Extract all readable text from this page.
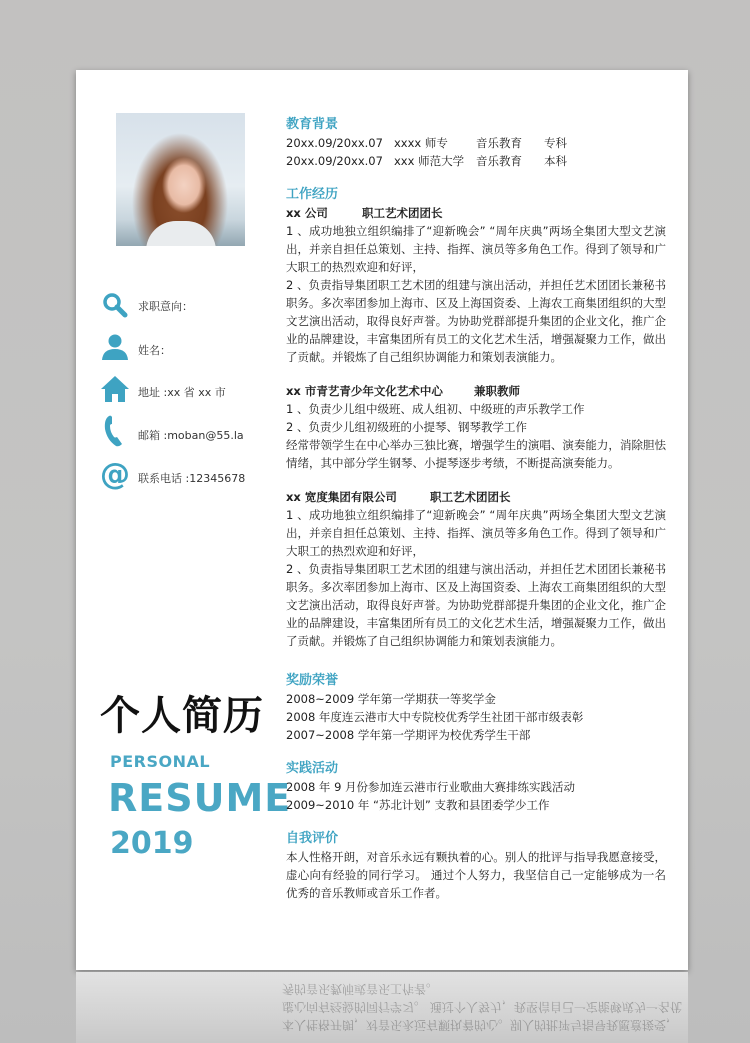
求职意向：
姓名：
地址 :xx 省 xx 市
邮箱 :moban@55.la
@ 联系电话 :12345678
个人简历
PERSONAL
RESUME
2019
教育背景
20xx.09/20xx.07 xxxx 师专	音乐教育	专科
20xx.09/20xx.07 xxx 师范大学	音乐教育	本科
工作经历
xx 公司	职工艺术团团长
1 、成功地独立组织编排了“迎新晚会” “周年庆典”两场全集团大型文艺演出，并亲自担任总策划、主持、指挥、演员等多角色工作。得到了领导和广大职工的热烈欢迎和好评，
2 、负责指导集团职工艺术团的组建与演出活动，并担任艺术团团长兼秘书职务。多次率团参加上海市、区及上海国资委、上海农工商集团组织的大型文艺演出活动，取得良好声誉。为协助党群部提升集团的企业文化，推广企业的品牌建设，丰富集团所有员工的文化艺术生活，增强凝聚力工作，做出了贡献。并锻炼了自己组织协调能力和策划表演能力。
xx 市青艺青少年文化艺术中心	兼职教师
1 、负责少儿组中级班、成人组初、中级班的声乐教学工作
2 、负责少儿组初级班的小提琴、钢琴教学工作
经常带领学生在中心举办三独比赛，增强学生的演唱、演奏能力，消除胆怯情绪，其中部分学生钢琴、小提琴逐步考绩，不断提高演奏能力。
xx 宽度集团有限公司	职工艺术团团长
1 、成功地独立组织编排了“迎新晚会” “周年庆典”两场全集团大型文艺演出，并亲自担任总策划、主持、指挥、演员等多角色工作。得到了领导和广大职工的热烈欢迎和好评，
2 、负责指导集团职工艺术团的组建与演出活动，并担任艺术团团长兼秘书职务。多次率团参加上海市、区及上海国资委、上海农工商集团组织的大型文艺演出活动，取得良好声誉。为协助党群部提升集团的企业文化，推广企业的品牌建设，丰富集团所有员工的文化艺术生活，增强凝聚力工作，做出了贡献。并锻炼了自己组织协调能力和策划表演能力。
奖励荣誉
2008~2009 学年第一学期获一等奖学金
2008 年度连云港市大中专院校优秀学生社团干部市级表彰
2007~2008 学年第一学期评为校优秀学生干部
实践活动
2008 年 9 月份参加连云港市行业歌曲大赛排练实践活动
2009~2010 年 “苏北计划” 支教和县团委学少工作
自我评价
本人性格开朗，对音乐永远有颗执着的心。别人的批评与指导我愿意接受，虚心向有经验的同行学习。 通过个人努力，我坚信自己一定能够成为一名优秀的音乐教师或音乐工作者。
本人性格开朗，对音乐永远有颗执着的心。别人的批评与指导我愿意接受，虚心向有经验的同行学习。 通过个人努力，我坚信自己一定能够成为一名优秀的音乐教师或音乐工作者。
